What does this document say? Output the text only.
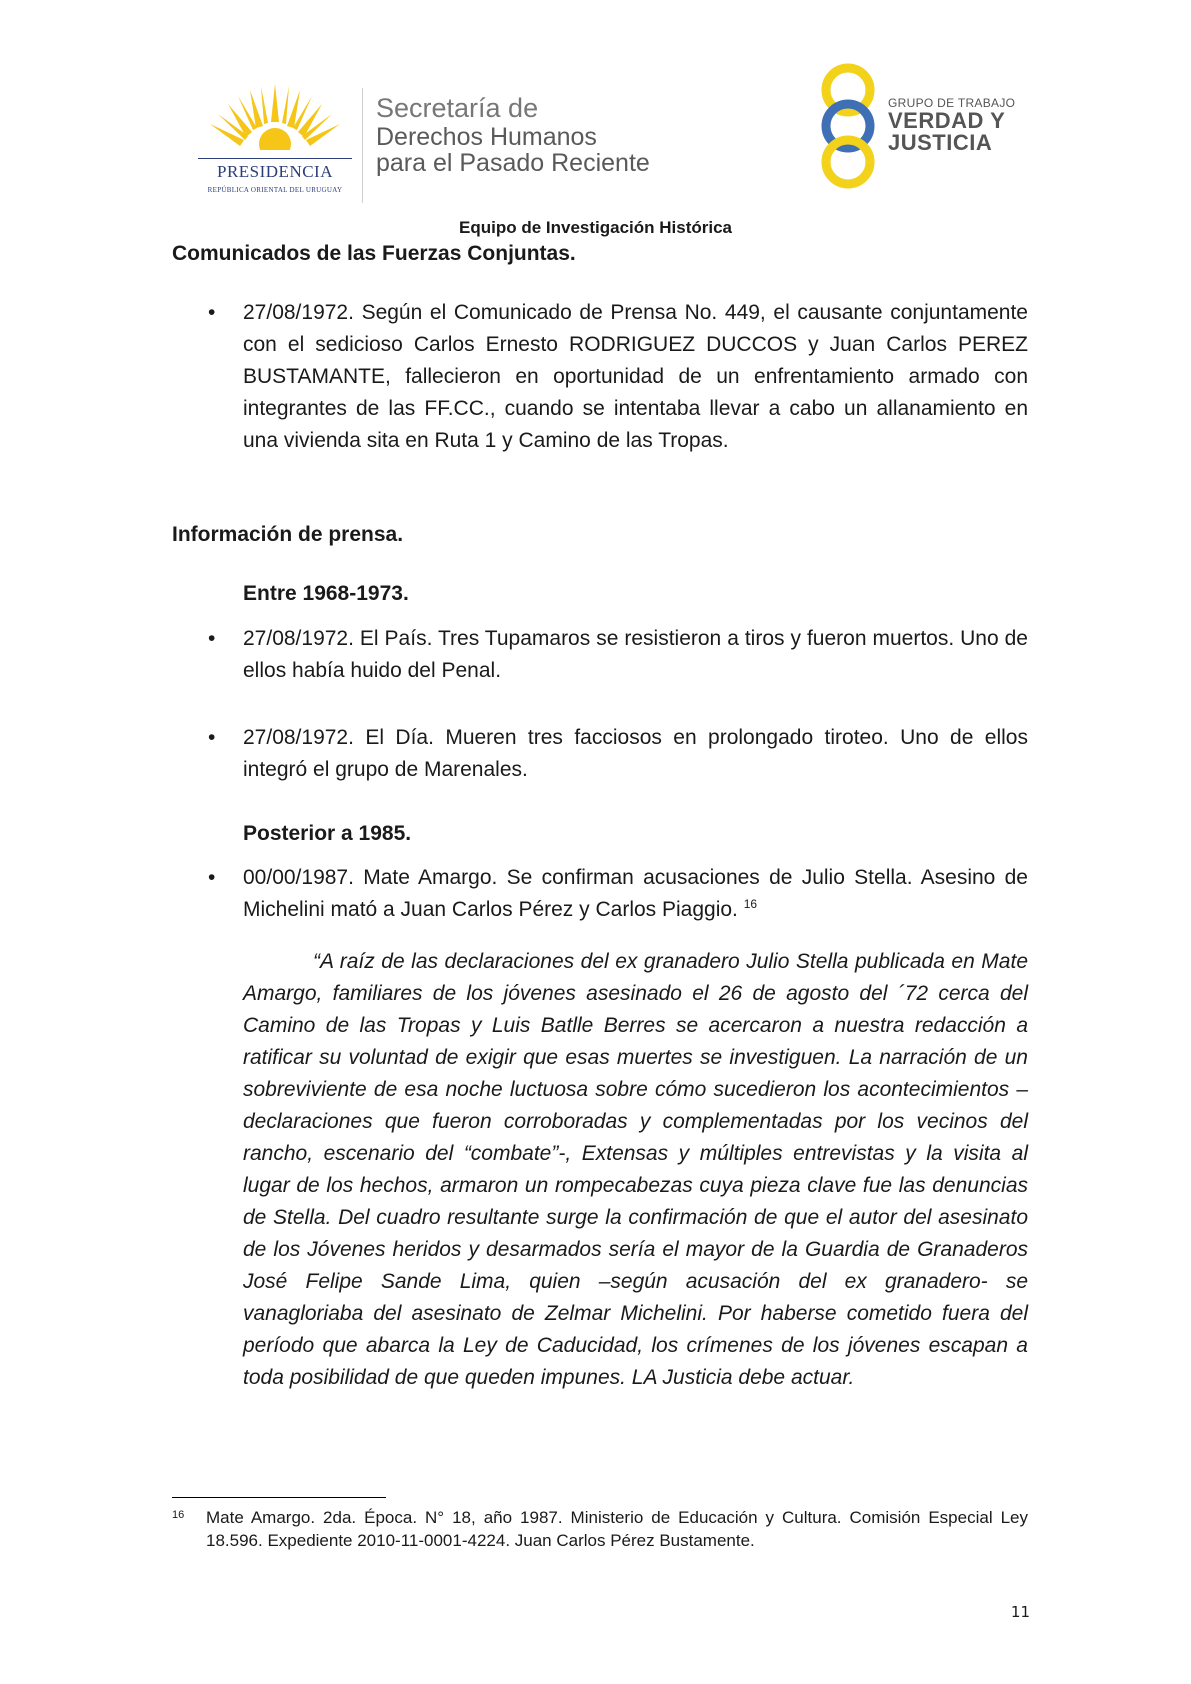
PRESIDENCIA
REPÚBLICA ORIENTAL DEL URUGUAY
Secretaría de
Derechos Humanos
para el Pasado Reciente
GRUPO DE TRABAJO
VERDAD Y
JUSTICIA
Equipo de Investigación Histórica
Comunicados de las Fuerzas Conjuntas.
• 27/08/1972. Según el Comunicado de Prensa No. 449, el causante conjuntamente con el sedicioso Carlos Ernesto RODRIGUEZ DUCCOS y Juan Carlos PEREZ BUSTAMANTE, fallecieron en oportunidad de un enfrentamiento armado con integrantes de las FF.CC., cuando se intentaba llevar a cabo un allanamiento en una vivienda sita en Ruta 1 y Camino de las Tropas.
Información de prensa.
Entre 1968-1973.
• 27/08/1972. El País. Tres Tupamaros se resistieron a tiros y fueron muertos. Uno de ellos había huido del Penal.
• 27/08/1972. El Día. Mueren tres facciosos en prolongado tiroteo. Uno de ellos integró el grupo de Marenales.
Posterior a 1985.
• 00/00/1987. Mate Amargo. Se confirman acusaciones de Julio Stella. Asesino de Michelini mató a Juan Carlos Pérez y Carlos Piaggio. $^{16}$
“A raíz de las declaraciones del ex granadero Julio Stella publicada en Mate Amargo, familiares de los jóvenes asesinado el 26 de agosto del ´72 cerca del Camino de las Tropas y Luis Batlle Berres se acercaron a nuestra redacción a ratificar su voluntad de exigir que esas muertes se investiguen. La narración de un sobreviviente de esa noche luctuosa sobre cómo sucedieron los acontecimientos –declaraciones que fueron corroboradas y complementadas por los vecinos del rancho, escenario del “combate”-, Extensas y múltiples entrevistas y la visita al lugar de los hechos, armaron un rompecabezas cuya pieza clave fue las denuncias de Stella. Del cuadro resultante surge la confirmación de que el autor del asesinato de los Jóvenes heridos y desarmados sería el mayor de la Guardia de Granaderos José Felipe Sande Lima, quien –según acusación del ex granadero- se vanagloriaba del asesinato de Zelmar Michelini. Por haberse cometido fuera del período que abarca la Ley de Caducidad, los crímenes de los jóvenes escapan a toda posibilidad de que queden impunes. LA Justicia debe actuar.
16 Mate Amargo. 2da. Época. N° 18, año 1987. Ministerio de Educación y Cultura. Comisión Especial Ley 18.596. Expediente 2010-11-0001-4224. Juan Carlos Pérez Bustamente.
11
